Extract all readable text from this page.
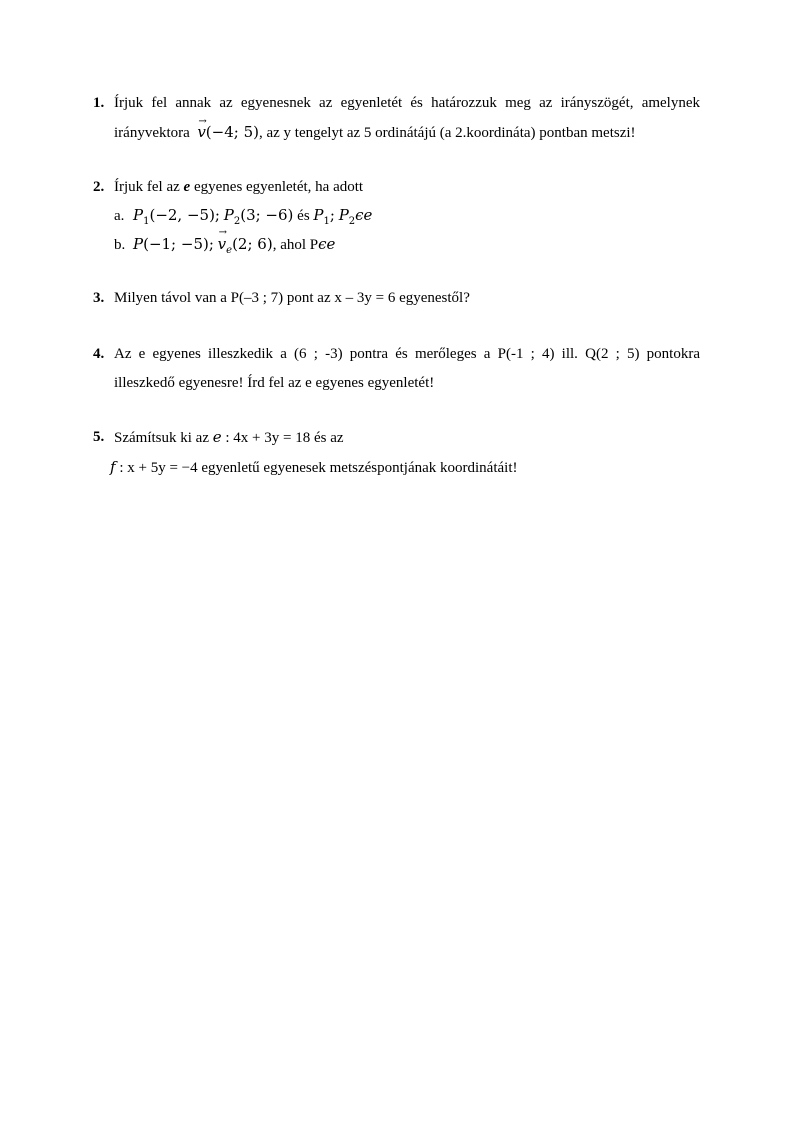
1. Írjuk fel annak az egyenesnek az egyenletét és határozzuk meg az irányszögét, amelynek
irányvektora → v(−4; 5), az y tengelyt az 5 ordinátájú (a 2.koordináta) pontban metszi!
2. Írjuk fel az e egyenes egyenletét, ha adott
a. $P_1(-2$, −5); $P_2(3$; −6) és $P_1$; $P_2\epsilon e$
b. P(−1; −5); → $v_e(2$; 6), ahol Pϵe
3. Milyen távol van a P(–3 ; 7) pont az x – 3y = 6 egyenestől?
4. Az e egyenes illeszkedik a (6 ; -3) pontra és merőleges a P(-1 ; 4) ill. Q(2 ; 5) pontokra
illeszkedő egyenesre! Írd fel az e egyenes egyenletét!
5. Számítsuk ki az e : 4x + 3y = 18 és az
f : x + 5y = −4 egyenletű egyenesek metszéspontjának koordinátáit!
